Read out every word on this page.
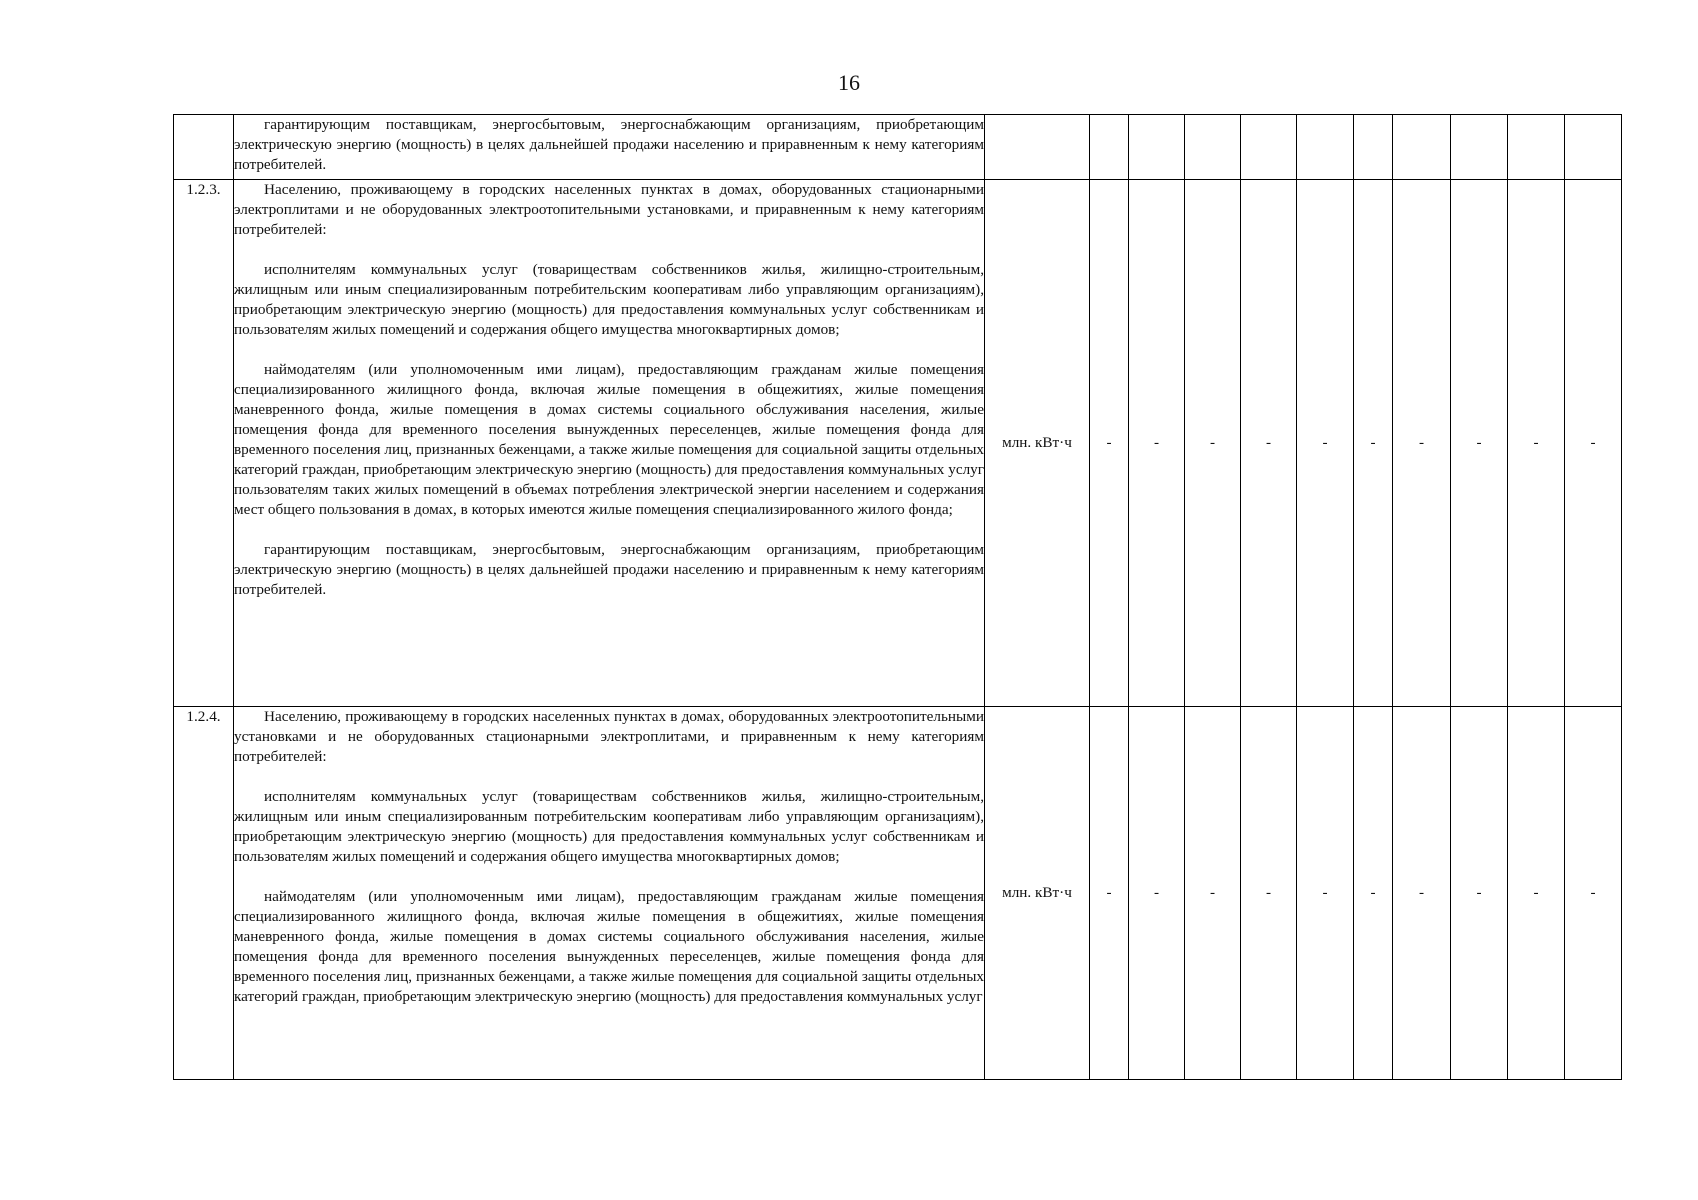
16

	гарантирующим поставщикам, энергосбытовым, энергоснабжающим организациям, приобретающим электрическую энергию (мощность) в целях дальнейшей продажи населению и приравненным к нему категориям потребителей.											

1.2.3.	Населению, проживающему в городских населенных пунктах в домах, оборудованных стационарными электроплитами и не оборудованных электроотопительными установками, и приравненным к нему категориям потребителей:

исполнителям коммунальных услуг (товариществам собственников жилья, жилищно-строительным, жилищным или иным специализированным потребительским кооперативам либо управляющим организациям), приобретающим электрическую энергию (мощность) для предоставления коммунальных услуг собственникам и пользователям жилых помещений и содержания общего имущества многоквартирных домов;

наймодателям (или уполномоченным ими лицам), предоставляющим гражданам жилые помещения специализированного жилищного фонда, включая жилые помещения в общежитиях, жилые помещения маневренного фонда, жилые помещения в домах системы социального обслуживания населения, жилые помещения фонда для временного поселения вынужденных переселенцев, жилые помещения фонда для временного поселения лиц, признанных беженцами, а также жилые помещения для социальной защиты отдельных категорий граждан, приобретающим электрическую энергию (мощность) для предоставления коммунальных услуг пользователям таких жилых помещений в объемах потребления электрической энергии населением и содержания мест общего пользования в домах, в которых имеются жилые помещения специализированного жилого фонда;

гарантирующим поставщикам, энергосбытовым, энергоснабжающим организациям, приобретающим электрическую энергию (мощность) в целях дальнейшей продажи населению и приравненным к нему категориям потребителей.	млн. кВт·ч	-	-	-	-	-	-	-	-	-	-
1.2.4.	Населению, проживающему в городских населенных пунктах в домах, оборудованных электроотопительными установками и не оборудованных стационарными электроплитами, и приравненным к нему категориям потребителей:

исполнителям коммунальных услуг (товариществам собственников жилья, жилищно-строительным, жилищным или иным специализированным потребительским кооперативам либо управляющим организациям), приобретающим электрическую энергию (мощность) для предоставления коммунальных услуг собственникам и пользователям жилых помещений и содержания общего имущества многоквартирных домов;

наймодателям (или уполномоченным ими лицам), предоставляющим гражданам жилые помещения специализированного жилищного фонда, включая жилые помещения в общежитиях, жилые помещения маневренного фонда, жилые помещения в домах системы социального обслуживания населения, жилые помещения фонда для временного поселения вынужденных переселенцев, жилые помещения фонда для временного поселения лиц, признанных беженцами, а также жилые помещения для социальной защиты отдельных категорий граждан, приобретающим электрическую энергию (мощность) для предоставления коммунальных услуг	млн. кВт·ч	-	-	-	-	-	-	-	-	-	-
